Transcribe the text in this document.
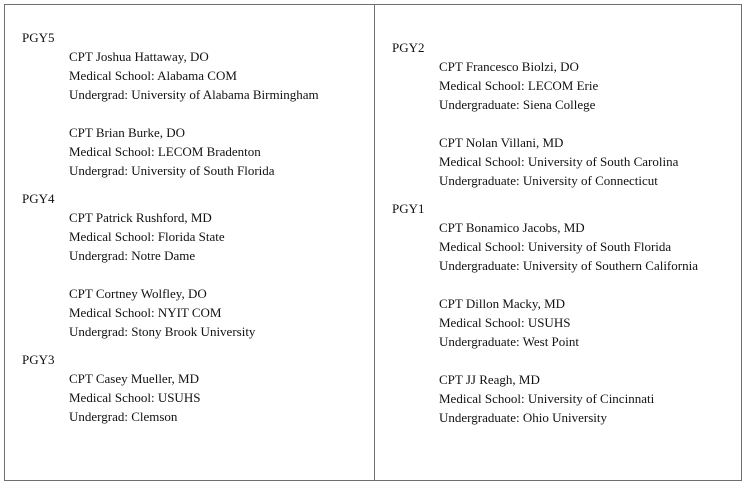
PGY5
CPT Joshua Hattaway, DO
Medical School: Alabama COM
Undergrad: University of Alabama Birmingham
CPT Brian Burke, DO
Medical School: LECOM Bradenton
Undergrad: University of South Florida
PGY4
CPT Patrick Rushford, MD
Medical School: Florida State
Undergrad: Notre Dame
CPT Cortney Wolfley, DO
Medical School: NYIT COM
Undergrad: Stony Brook University
PGY3
CPT Casey Mueller, MD
Medical School: USUHS
Undergrad: Clemson
PGY2
CPT Francesco Biolzi, DO
Medical School: LECOM Erie
Undergraduate: Siena College
CPT Nolan Villani, MD
Medical School: University of South Carolina
Undergraduate: University of Connecticut
PGY1
CPT Bonamico Jacobs, MD
Medical School: University of South Florida
Undergraduate: University of Southern California
CPT Dillon Macky, MD
Medical School: USUHS
Undergraduate: West Point
CPT JJ Reagh, MD
Medical School: University of Cincinnati
Undergraduate: Ohio University
